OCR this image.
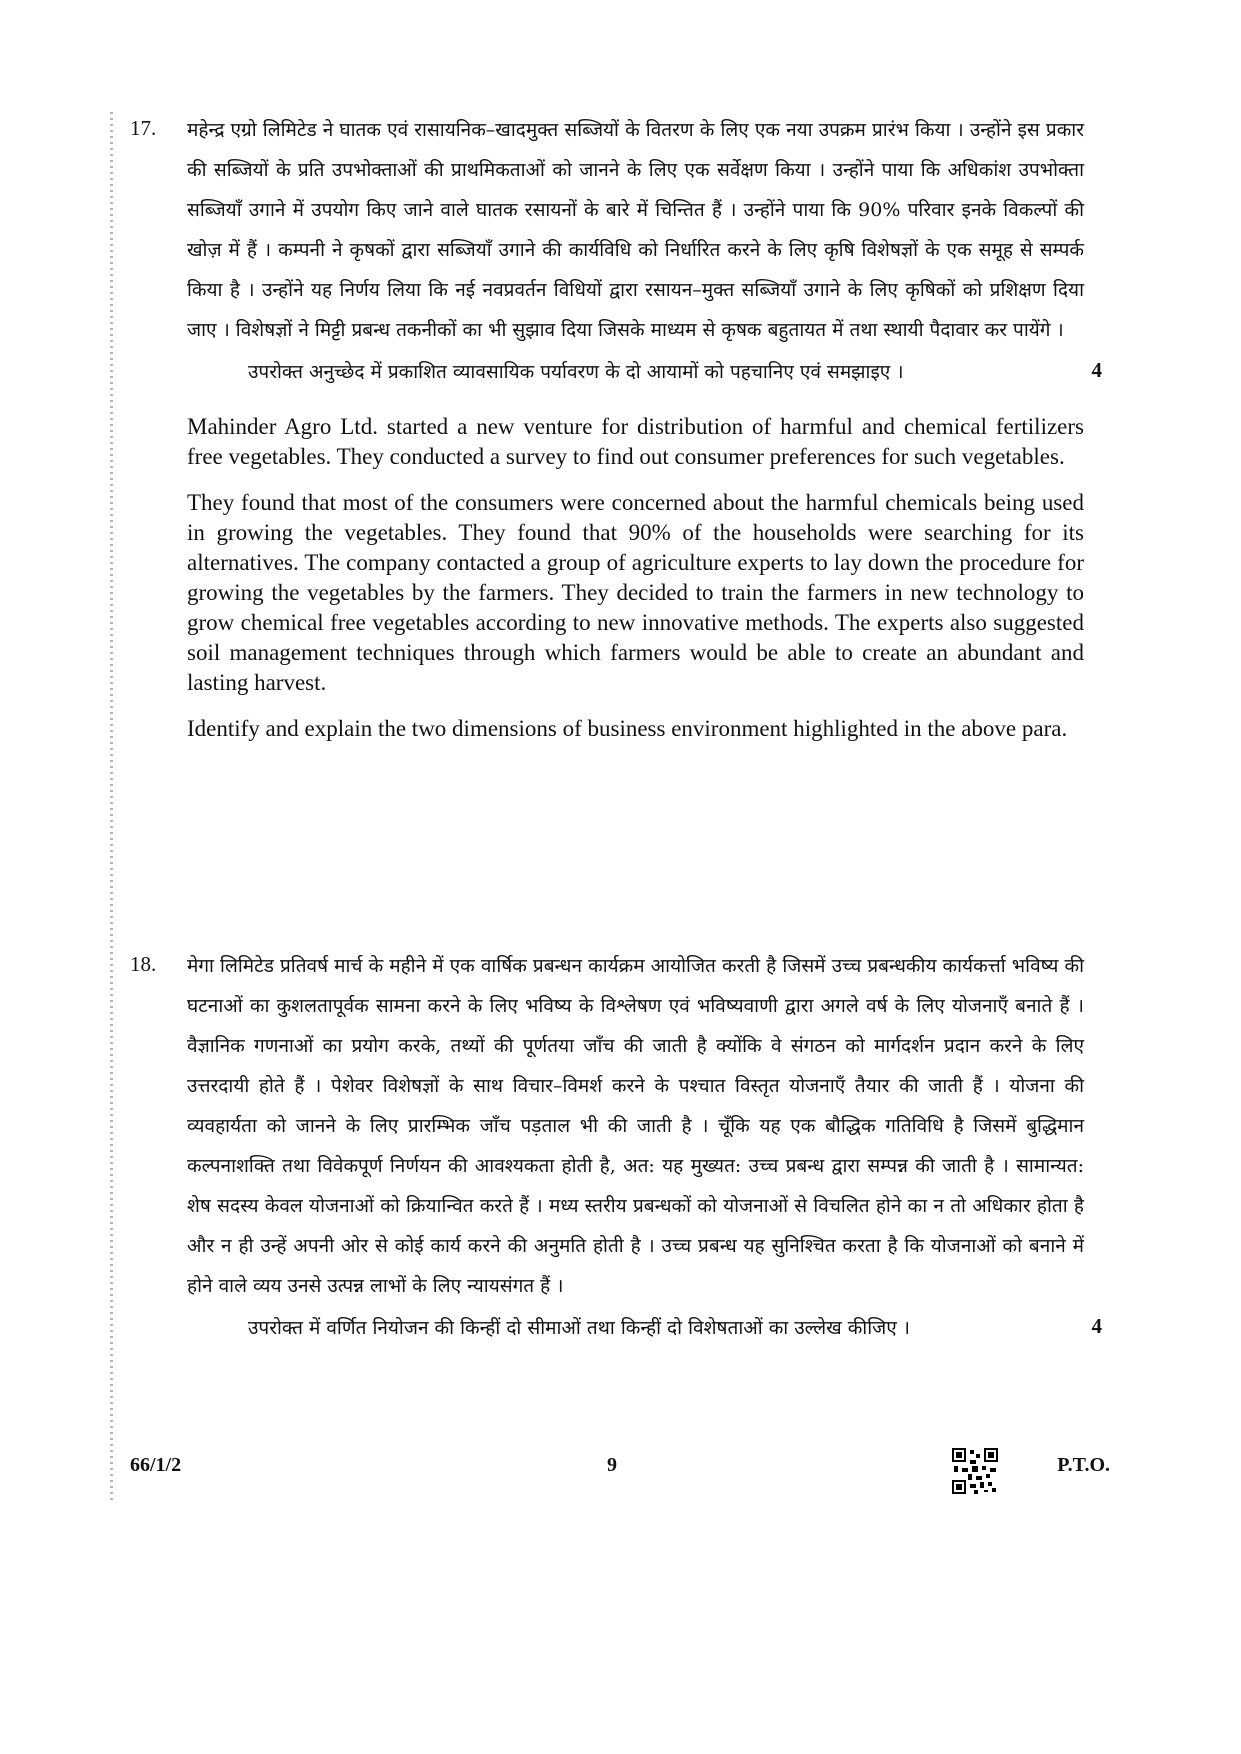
17. महेन्द्र एग्रो लिमिटेड ने घातक एवं रासायनिक–खादमुक्त सब्जियों के वितरण के लिए एक नया उपक्रम प्रारंभ किया । उन्होंने इस प्रकार की सब्जियों के प्रति उपभोक्ताओं की प्राथमिकताओं को जानने के लिए एक सर्वेक्षण किया । उन्होंने पाया कि अधिकांश उपभोक्ता सब्जियाँ उगाने में उपयोग किए जाने वाले घातक रसायनों के बारे में चिन्तित हैं । उन्होंने पाया कि 90% परिवार इनके विकल्पों की खोज़ में हैं । कम्पनी ने कृषकों द्वारा सब्जियाँ उगाने की कार्यविधि को निर्धारित करने के लिए कृषि विशेषज्ञों के एक समूह से सम्पर्क किया है । उन्होंने यह निर्णय लिया कि नई नवप्रवर्तन विधियों द्वारा रसायन–मुक्त सब्जियाँ उगाने के लिए कृषिकों को प्रशिक्षण दिया जाए । विशेषज्ञों ने मिट्टी प्रबन्ध तकनीकों का भी सुझाव दिया जिसके माध्यम से कृषक बहुतायत में तथा स्थायी पैदावार कर पायेंगे ।
उपरोक्त अनुच्छेद में प्रकाशित व्यावसायिक पर्यावरण के दो आयामों को पहचानिए एवं समझाइए ।	4
Mahinder Agro Ltd. started a new venture for distribution of harmful and chemical fertilizers free vegetables. They conducted a survey to find out consumer preferences for such vegetables.
They found that most of the consumers were concerned about the harmful chemicals being used in growing the vegetables. They found that 90% of the households were searching for its alternatives. The company contacted a group of agriculture experts to lay down the procedure for growing the vegetables by the farmers. They decided to train the farmers in new technology to grow chemical free vegetables according to new innovative methods. The experts also suggested soil management techniques through which farmers would be able to create an abundant and lasting harvest.
Identify and explain the two dimensions of business environment highlighted in the above para.
18. मेगा लिमिटेड प्रतिवर्ष मार्च के महीने में एक वार्षिक प्रबन्धन कार्यक्रम आयोजित करती है जिसमें उच्च प्रबन्धकीय कार्यकर्त्ता भविष्य की घटनाओं का कुशलतापूर्वक सामना करने के लिए भविष्य के विश्लेषण एवं भविष्यवाणी द्वारा अगले वर्ष के लिए योजनाएँ बनाते हैं । वैज्ञानिक गणनाओं का प्रयोग करके, तथ्यों की पूर्णतया जाँच की जाती है क्योंकि वे संगठन को मार्गदर्शन प्रदान करने के लिए उत्तरदायी होते हैं । पेशेवर विशेषज्ञों के साथ विचार–विमर्श करने के पश्चात विस्तृत योजनाएँ तैयार की जाती हैं । योजना की व्यवहार्यता को जानने के लिए प्रारम्भिक जाँच पड़ताल भी की जाती है । चूँकि यह एक बौद्धिक गतिविधि है जिसमें बुद्धिमान कल्पनाशक्ति तथा विवेकपूर्ण निर्णयन की आवश्यकता होती है, अत: यह मुख्यत: उच्च प्रबन्ध द्वारा सम्पन्न की जाती है । सामान्यत: शेष सदस्य केवल योजनाओं को क्रियान्वित करते हैं । मध्य स्तरीय प्रबन्धकों को योजनाओं से विचलित होने का न तो अधिकार होता है और न ही उन्हें अपनी ओर से कोई कार्य करने की अनुमति होती है । उच्च प्रबन्ध यह सुनिश्चित करता है कि योजनाओं को बनाने में होने वाले व्यय उनसे उत्पन्न लाभों के लिए न्यायसंगत हैं ।
उपरोक्त में वर्णित नियोजन की किन्हीं दो सीमाओं तथा किन्हीं दो विशेषताओं का उल्लेख कीजिए ।	4
66/1/2	9	P.T.O.
